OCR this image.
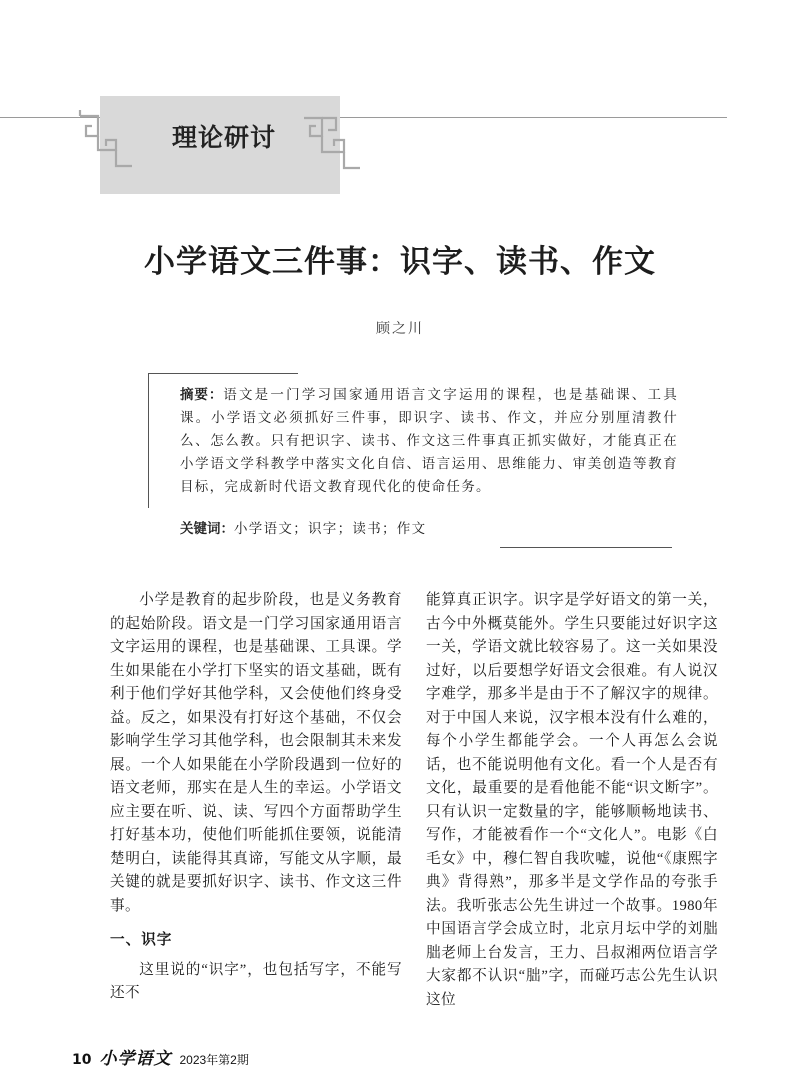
理论研讨
小学语文三件事：识字、读书、作文
顾之川

摘要：语文是一门学习国家通用语言文字运用的课程，也是基础课、工具课。小学语文必须抓好三件事，即识字、读书、作文，并应分别厘清教什么、怎么教。只有把识字、读书、作文这三件事真正抓实做好，才能真正在小学语文学科教学中落实文化自信、语言运用、思维能力、审美创造等教育目标，完成新时代语文教育现代化的使命任务。

关键词：小学语文；识字；读书；作文

小学是教育的起步阶段，也是义务教育的起始阶段。语文是一门学习国家通用语言文字运用的课程，也是基础课、工具课。学生如果能在小学打下坚实的语文基础，既有利于他们学好其他学科，又会使他们终身受益。反之，如果没有打好这个基础，不仅会影响学生学习其他学科，也会限制其未来发展。一个人如果能在小学阶段遇到一位好的语文老师，那实在是人生的幸运。小学语文应主要在听、说、读、写四个方面帮助学生打好基本功，使他们听能抓住要领，说能清楚明白，读能得其真谛，写能文从字顺，最关键的就是要抓好识字、读书、作文这三件事。

一、识字

这里说的“识字”，也包括写字，不能写还不

能算真正识字。识字是学好语文的第一关，古今中外概莫能外。学生只要能过好识字这一关，学语文就比较容易了。这一关如果没过好，以后要想学好语文会很难。有人说汉字难学，那多半是由于不了解汉字的规律。对于中国人来说，汉字根本没有什么难的，每个小学生都能学会。一个人再怎么会说话，也不能说明他有文化。看一个人是否有文化，最重要的是看他能不能“识文断字”。只有认识一定数量的字，能够顺畅地读书、写作，才能被看作一个“文化人”。电影《白毛女》中，穆仁智自我吹嘘，说他“《康熙字典》背得熟”，那多半是文学作品的夸张手法。我听张志公先生讲过一个故事。1980年中国语言学会成立时，北京月坛中学的刘朏朏老师上台发言，王力、吕叔湘两位语言学大家都不认识“朏”字，而碰巧志公先生认识这位

10 小学语文 2023年第2期
